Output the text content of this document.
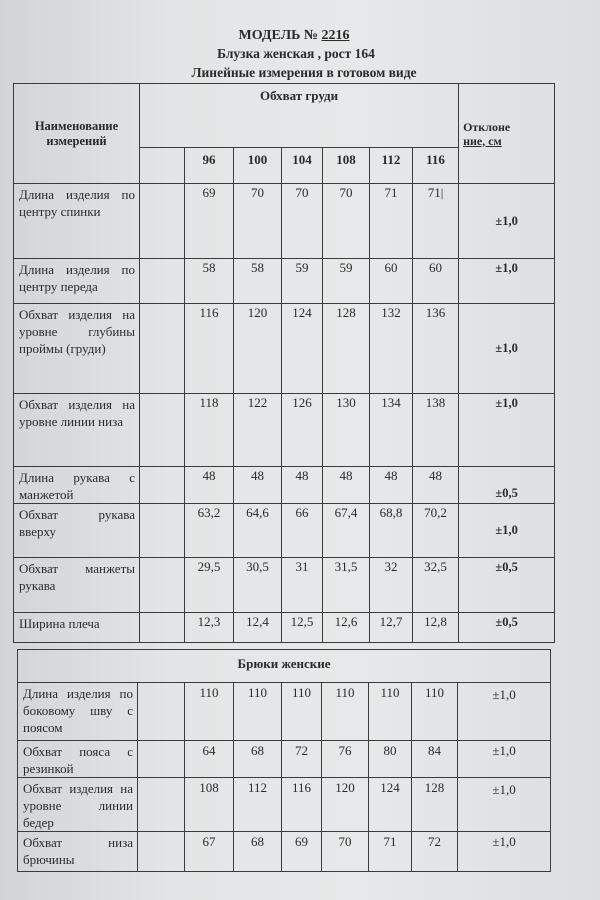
МОДЕЛЬ № 2216
Блузка женская , рост 164
Линейные измерения в готовом виде
Наименование измерений	Обхват груди							Отклоне
ние, см
		96	100	104	108	112	116	
Длина изделия по центру спинки		69	70	70	70	71	71|	±1,0
Длина изделия по центру переда		58	58	59	59	60	60	±1,0
Обхват изделия на уровне глубины проймы (груди)		116	120	124	128	132	136	±1,0
Обхват изделия на уровне линии низа		118	122	126	130	134	138	±1,0
Длина рукава с манжетой		48	48	48	48	48	48	±0,5
Обхват рукава вверху		63,2	64,6	66	67,4	68,8	70,2	±1,0
Обхват манжеты рукава		29,5	30,5	31	31,5	32	32,5	±0,5
Ширина плеча		12,3	12,4	12,5	12,6	12,7	12,8	±0,5
Брюки женские								
Длина изделия по боковому шву с поясом		110	110	110	110	110	110	±1,0
Обхват пояса с резинкой		64	68	72	76	80	84	±1,0
Обхват изделия на уровне линии бедер		108	112	116	120	124	128	±1,0
Обхват низа брючины		67	68	69	70	71	72	±1,0
